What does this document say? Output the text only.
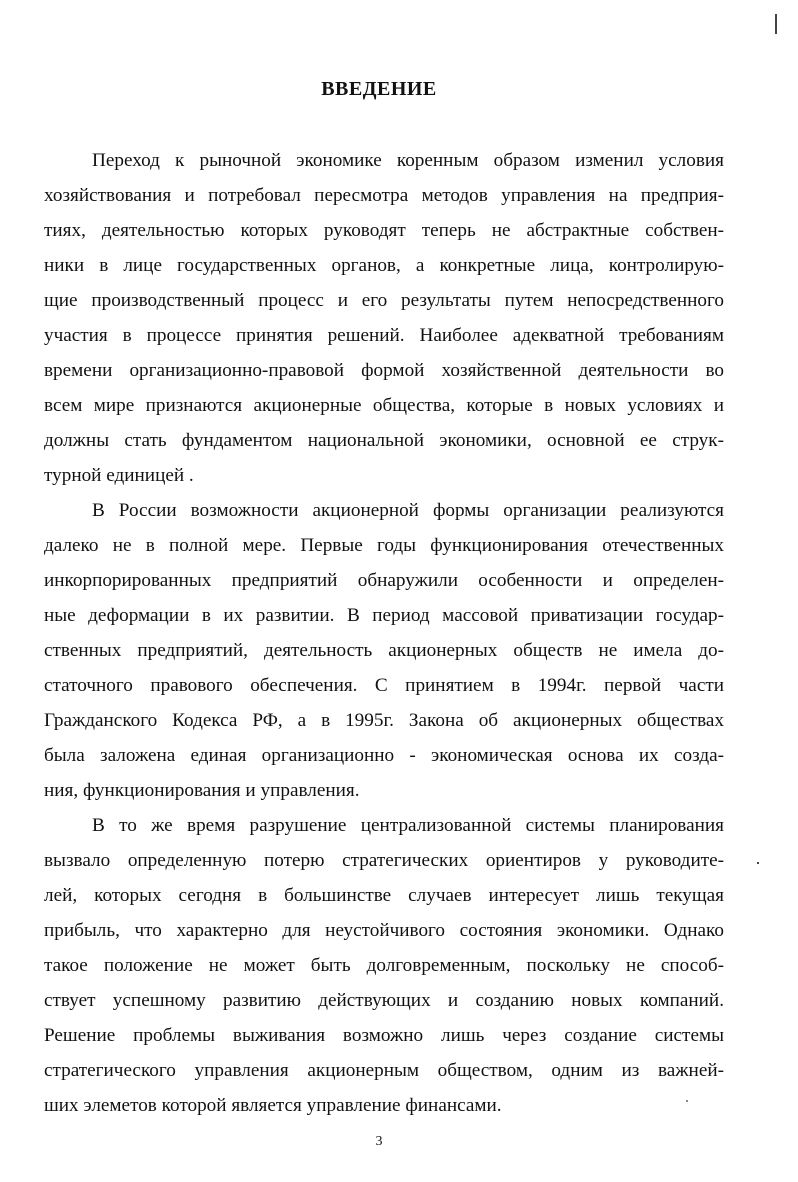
ВВЕДЕНИЕ
Переход к рыночной экономике коренным образом изменил условия
хозяйствования и потребовал пересмотра методов управления на предприя-
тиях, деятельностью которых руководят теперь не абстрактные собствен-
ники в лице государственных органов, а конкретные лица, контролирую-
щие производственный процесс и его результаты путем непосредственного
участия в процессе принятия решений. Наиболее адекватной требованиям
времени организационно-правовой формой хозяйственной деятельности во
всем мире признаются акционерные общества, которые в новых условиях и
должны стать фундаментом национальной экономики, основной ее струк-
турной единицей .
В России возможности акционерной формы организации реализуются
далеко не в полной мере. Первые годы функционирования отечественных
инкорпорированных предприятий обнаружили особенности и определен-
ные деформации в их развитии. В период массовой приватизации государ-
ственных предприятий, деятельность акционерных обществ не имела до-
статочного правового обеспечения. С принятием в 1994г. первой части
Гражданского Кодекса РФ, а в 1995г. Закона об акционерных обществах
была заложена единая организационно - экономическая основа их созда-
ния, функционирования и управления.
В то же время разрушение централизованной системы планирования
вызвало определенную потерю стратегических ориентиров у руководите-
лей, которых сегодня в большинстве случаев интересует лишь текущая
прибыль, что характерно для неустойчивого состояния экономики. Однако
такое положение не может быть долговременным, поскольку не способ-
ствует успешному развитию действующих и созданию новых компаний.
Решение проблемы выживания возможно лишь через создание системы
стратегического управления акционерным обществом, одним из важней-
ших элеметов которой является управление финансами.
3
